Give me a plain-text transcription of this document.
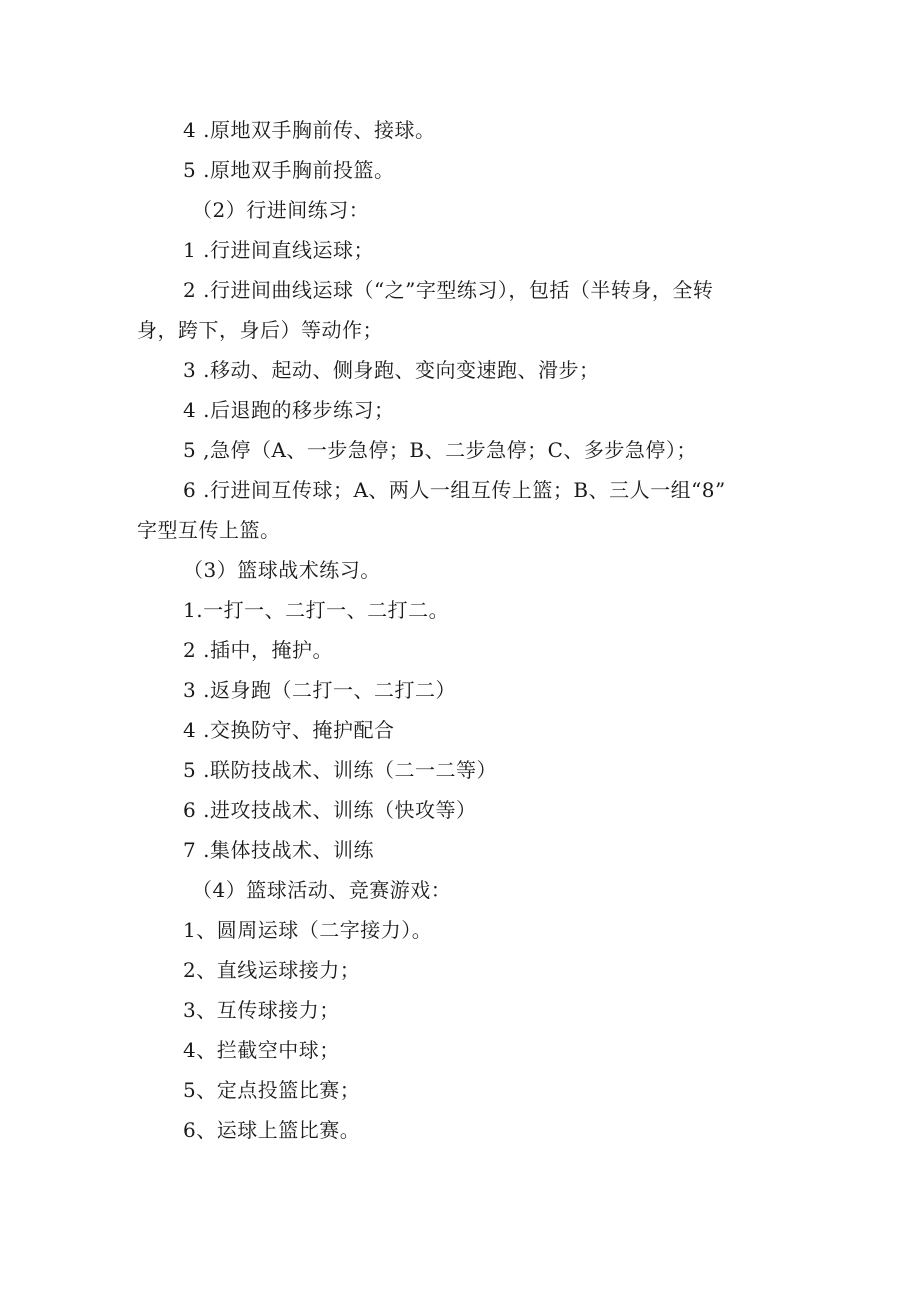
4 .原地双手胸前传、接球。
5 .原地双手胸前投篮。
（2）行进间练习：
1 .行进间直线运球；
2 .行进间曲线运球（“之”字型练习），包括（半转身，全转
身，跨下，身后）等动作；
3 .移动、起动、侧身跑、变向变速跑、滑步；
4 .后退跑的移步练习；
5 ,急停（A、一步急停；B、二步急停；C、多步急停）；
6 .行进间互传球；A、两人一组互传上篮；B、三人一组“8”
字型互传上篮。
（3）篮球战术练习。
1.一打一、二打一、二打二。
2 .插中，掩护。
3 .返身跑（二打一、二打二）
4 .交换防守、掩护配合
5 .联防技战术、训练（二一二等）
6 .进攻技战术、训练（快攻等）
7 .集体技战术、训练
（4）篮球活动、竞赛游戏：
1、圆周运球（二字接力）。
2、直线运球接力；
3、互传球接力；
4、拦截空中球；
5、定点投篮比赛；
6、运球上篮比赛。
